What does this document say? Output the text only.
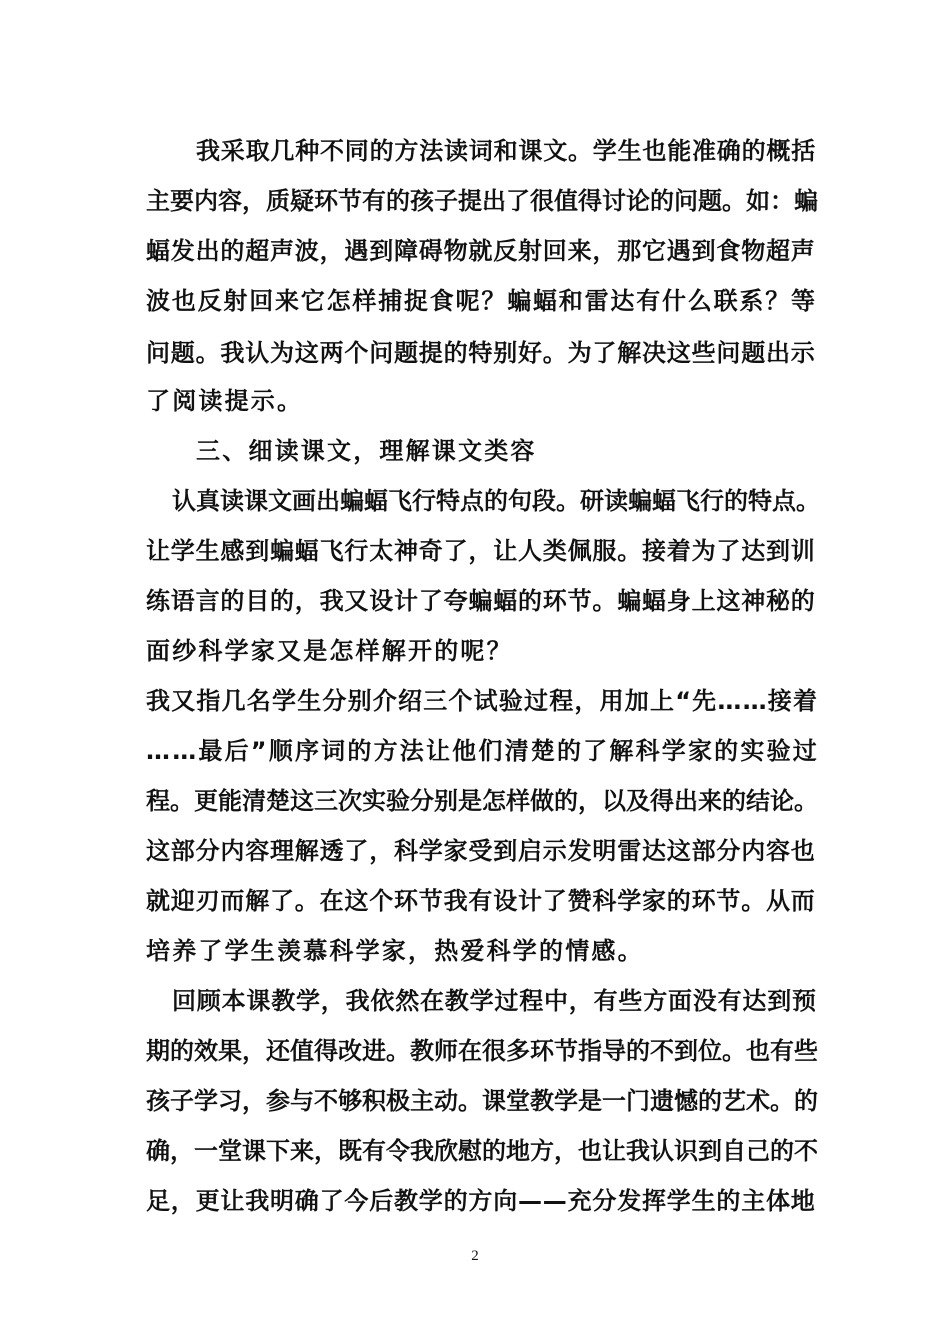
我采取几种不同的方法读词和课文。学生也能准确的概括
主要内容，质疑环节有的孩子提出了很值得讨论的问题。如：蝙
蝠发出的超声波，遇到障碍物就反射回来，那它遇到食物超声
波也反射回来它怎样捕捉食呢？蝙蝠和雷达有什么联系？等
问题。我认为这两个问题提的特别好。为了解决这些问题出示
了阅读提示。
三、细读课文，理解课文类容
认真读课文画出蝙蝠飞行特点的句段。研读蝙蝠飞行的特点。
让学生感到蝙蝠飞行太神奇了，让人类佩服。接着为了达到训
练语言的目的，我又设计了夸蝙蝠的环节。蝙蝠身上这神秘的
面纱科学家又是怎样解开的呢？
我又指几名学生分别介绍三个试验过程，用加上“先……接着
……最后”顺序词的方法让他们清楚的了解科学家的实验过
程。更能清楚这三次实验分别是怎样做的，以及得出来的结论。
这部分内容理解透了，科学家受到启示发明雷达这部分内容也
就迎刃而解了。在这个环节我有设计了赞科学家的环节。从而
培养了学生羡慕科学家，热爱科学的情感。
回顾本课教学，我依然在教学过程中，有些方面没有达到预
期的效果，还值得改进。教师在很多环节指导的不到位。也有些
孩子学习，参与不够积极主动。课堂教学是一门遗憾的艺术。的
确，一堂课下来，既有令我欣慰的地方，也让我认识到自己的不
足，更让我明确了今后教学的方向——充分发挥学生的主体地
2
